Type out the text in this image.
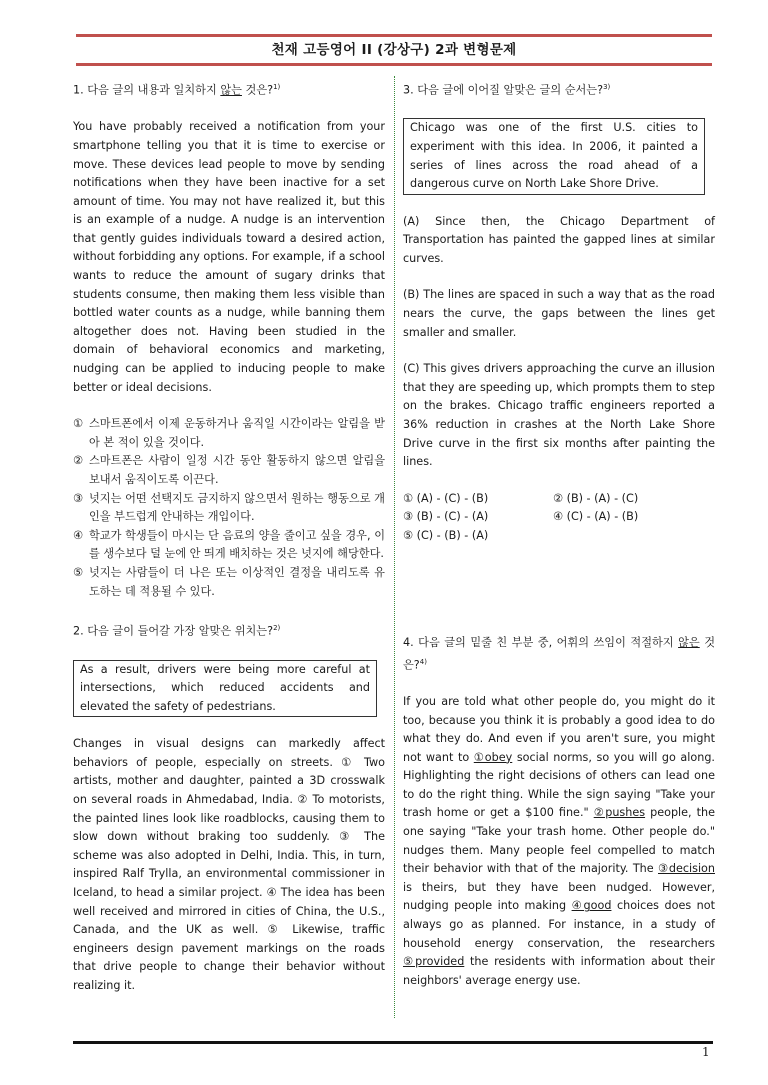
천재 고등영어 II (강상구) 2과 변형문제

1. 다음 글의 내용과 일치하지 않는 것은?$^{1)}$

You have probably received a notification from your smartphone telling you that it is time to exercise or move. These devices lead people to move by sending notifications when they have been inactive for a set amount of time. You may not have realized it, but this is an example of a nudge. A nudge is an intervention that gently guides individuals toward a desired action, without forbidding any options. For example, if a school wants to reduce the amount of sugary drinks that students consume, then making them less visible than bottled water counts as a nudge, while banning them altogether does not. Having been studied in the domain of behavioral economics and marketing, nudging can be applied to inducing people to make better or ideal decisions.

① 스마트폰에서 이제 운동하거나 움직일 시간이라는 알림을 받아 본 적이 있을 것이다.
② 스마트폰은 사람이 일정 시간 동안 활동하지 않으면 알림을 보내서 움직이도록 이끈다.
③ 넛지는 어떤 선택지도 금지하지 않으면서 원하는 행동으로 개인을 부드럽게 안내하는 개입이다.
④ 학교가 학생들이 마시는 단 음료의 양을 줄이고 싶을 경우, 이를 생수보다 덜 눈에 안 띄게 배치하는 것은 넛지에 해당한다.
⑤ 넛지는 사람들이 더 나은 또는 이상적인 결정을 내리도록 유도하는 데 적용될 수 있다.

2. 다음 글이 들어갈 가장 알맞은 위치는?$^{2)}$

As a result, drivers were being more careful at intersections, which reduced accidents and elevated the safety of pedestrians.

Changes in visual designs can markedly affect behaviors of people, especially on streets. ① Two artists, mother and daughter, painted a 3D crosswalk on several roads in Ahmedabad, India. ② To motorists, the painted lines look like roadblocks, causing them to slow down without braking too suddenly. ③ The scheme was also adopted in Delhi, India. This, in turn, inspired Ralf Trylla, an environmental commissioner in Iceland, to head a similar project. ④ The idea has been well received and mirrored in cities of China, the U.S., Canada, and the UK as well. ⑤ Likewise, traffic engineers design pavement markings on the roads that drive people to change their behavior without realizing it.

3. 다음 글에 이어질 알맞은 글의 순서는?$^{3)}$

Chicago was one of the first U.S. cities to experiment with this idea. In 2006, it painted a series of lines across the road ahead of a dangerous curve on North Lake Shore Drive.

(A) Since then, the Chicago Department of Transportation has painted the gapped lines at similar curves.

(B) The lines are spaced in such a way that as the road nears the curve, the gaps between the lines get smaller and smaller.

(C) This gives drivers approaching the curve an illusion that they are speeding up, which prompts them to step on the brakes. Chicago traffic engineers reported a 36% reduction in crashes at the North Lake Shore Drive curve in the first six months after painting the lines.

① (A) - (C) - (B)	② (B) - (A) - (C)
③ (B) - (C) - (A)	④ (C) - (A) - (B)
⑤ (C) - (B) - (A)

4. 다음 글의 밑줄 친 부분 중, 어휘의 쓰임이 적절하지 않은 것은?$^{4)}$

If you are told what other people do, you might do it too, because you think it is probably a good idea to do what they do. And even if you aren't sure, you might not want to ①obey social norms, so you will go along. Highlighting the right decisions of others can lead one to do the right thing. While the sign saying "Take your trash home or get a $100 fine." ②pushes people, the one saying "Take your trash home. Other people do." nudges them. Many people feel compelled to match their behavior with that of the majority. The ③decision is theirs, but they have been nudged. However, nudging people into making ④good choices does not always go as planned. For instance, in a study of household energy conservation, the researchers ⑤provided the residents with information about their neighbors' average energy use.

1
